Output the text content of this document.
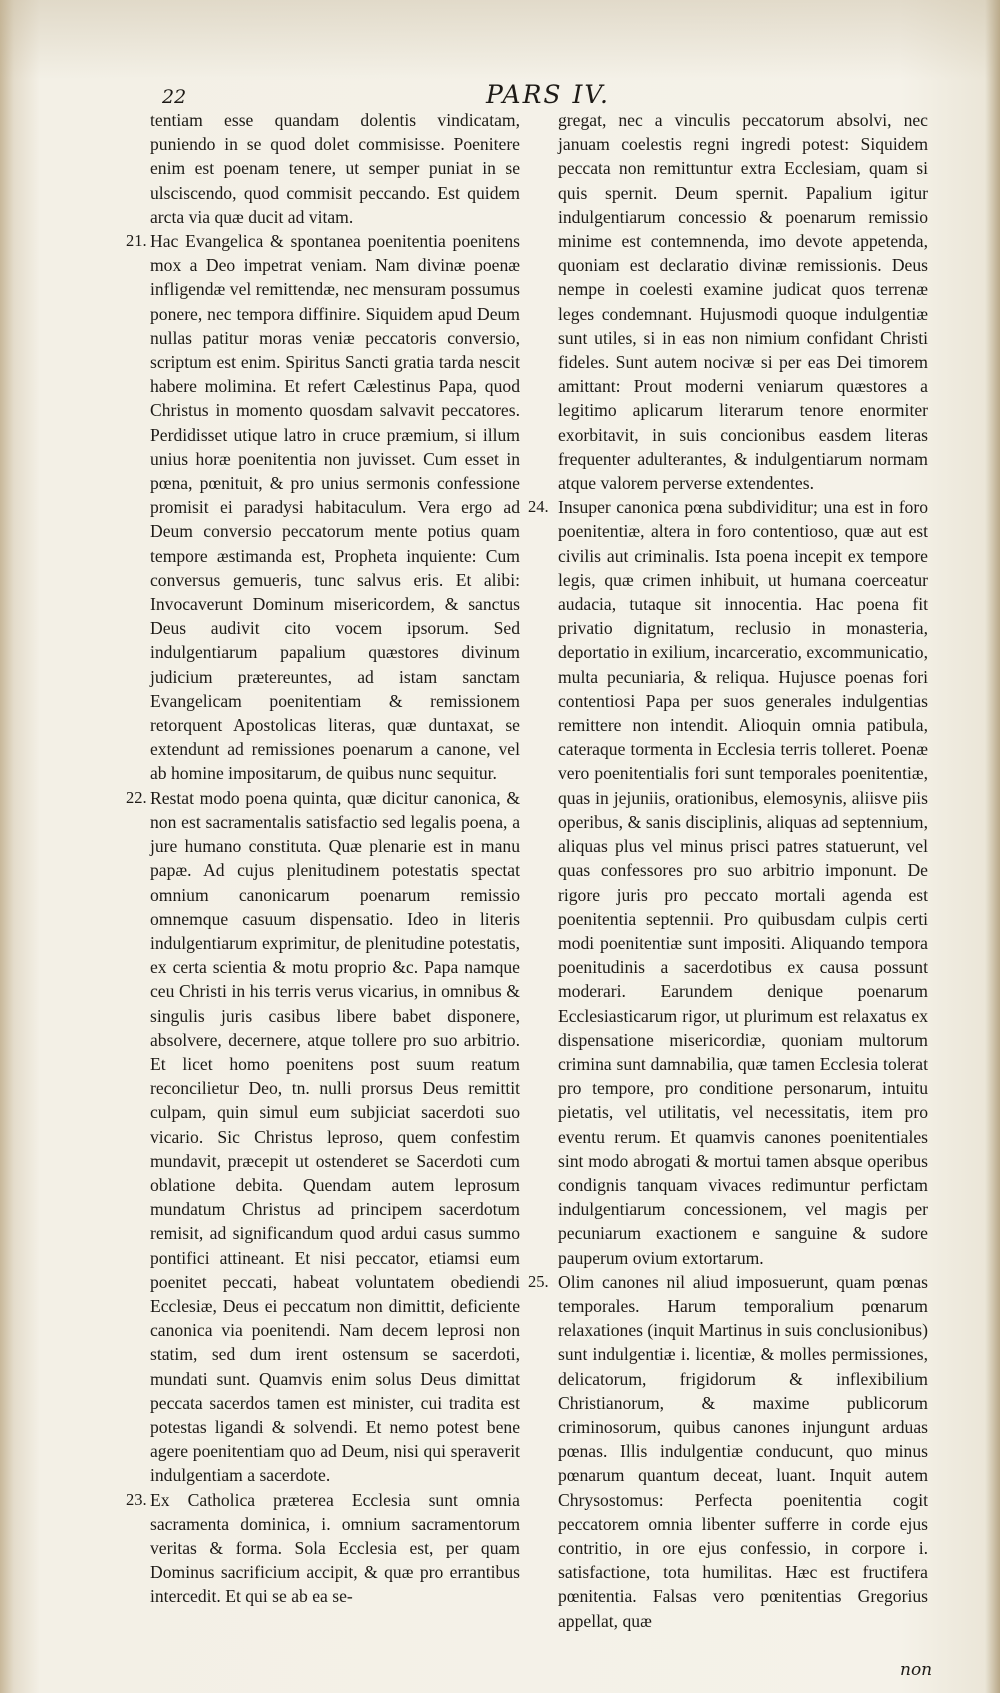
22	PARS IV.

tentiam esse quandam dolentis vindicatam, puniendo in se quod dolet commisisse. Poenitere enim est poenam tenere, ut semper puniat in se ulsciscendo, quod commisit peccando. Est quidem arcta via quæ ducit ad vitam.

21. Hac Evangelica & spontanea poenitentia poenitens mox a Deo impetrat veniam. Nam divinæ poenæ infligendæ vel remittendæ, nec mensuram possumus ponere, nec tempora diffinire. Siquidem apud Deum nullas patitur moras veniæ peccatoris conversio, scriptum est enim. Spiritus Sancti gratia tarda nescit habere molimina. Et refert Cælestinus Papa, quod Christus in momento quosdam salvavit peccatores. Perdidisset utique latro in cruce præmium, si illum unius horæ poenitentia non juvisset. Cum esset in pœna, pœnituit, & pro unius sermonis confessione promisit ei paradysi habitaculum. Vera ergo ad Deum conversio peccatorum mente potius quam tempore æstimanda est, Propheta inquiente: Cum conversus gemueris, tunc salvus eris. Et alibi: Invocaverunt Dominum misericordem, & sanctus Deus audivit cito vocem ipsorum. Sed indulgentiarum papalium quæstores divinum judicium prætereuntes, ad istam sanctam Evangelicam poenitentiam & remissionem retorquent Apostolicas literas, quæ duntaxat, se extendunt ad remissiones poenarum a canone, vel ab homine impositarum, de quibus nunc sequitur.

22. Restat modo poena quinta, quæ dicitur canonica, & non est sacramentalis satisfactio sed legalis poena, a jure humano constituta. Quæ plenarie est in manu papæ. Ad cujus plenitudinem potestatis spectat omnium canonicarum poenarum remissio omnemque casuum dispensatio. Ideo in literis indulgentiarum exprimitur, de plenitudine potestatis, ex certa scientia & motu proprio &c. Papa namque ceu Christi in his terris verus vicarius, in omnibus & singulis juris casibus libere babet disponere, absolvere, decernere, atque tollere pro suo arbitrio. Et licet homo poenitens post suum reatum reconcilietur Deo, tn. nulli prorsus Deus remittit culpam, quin simul eum subjiciat sacerdoti suo vicario. Sic Christus leproso, quem confestim mundavit, præcepit ut ostenderet se Sacerdoti cum oblatione debita. Quendam autem leprosum mundatum Christus ad principem sacerdotum remisit, ad significandum quod ardui casus summo pontifici attineant. Et nisi peccator, etiamsi eum poenitet peccati, habeat voluntatem obediendi Ecclesiæ, Deus ei peccatum non dimittit, deficiente canonica via poenitendi. Nam decem leprosi non statim, sed dum irent ostensum se sacerdoti, mundati sunt. Quamvis enim solus Deus dimittat peccata sacerdos tamen est minister, cui tradita est potestas ligandi & solvendi. Et nemo potest bene agere poenitentiam quo ad Deum, nisi qui speraverit indulgentiam a sacerdote.

23. Ex Catholica præterea Ecclesia sunt omnia sacramenta dominica, i. omnium sacramentorum veritas & forma. Sola Ecclesia est, per quam Dominus sacrificium accipit, & quæ pro errantibus intercedit. Et qui se ab ea se-

gregat, nec a vinculis peccatorum absolvi, nec januam coelestis regni ingredi potest: Siquidem peccata non remittuntur extra Ecclesiam, quam si quis spernit. Deum spernit. Papalium igitur indulgentiarum concessio & poenarum remissio minime est contemnenda, imo devote appetenda, quoniam est declaratio divinæ remissionis. Deus nempe in coelesti examine judicat quos terrenæ leges condemnant. Hujusmodi quoque indulgentiæ sunt utiles, si in eas non nimium confidant Christi fideles. Sunt autem nocivæ si per eas Dei timorem amittant: Prout moderni veniarum quæstores a legitimo aplicarum literarum tenore enormiter exorbitavit, in suis concionibus easdem literas frequenter adulterantes, & indulgentiarum normam atque valorem perverse extendentes.

24. Insuper canonica pœna subdividitur; una est in foro poenitentiæ, altera in foro contentioso, quæ aut est civilis aut criminalis. Ista poena incepit ex tempore legis, quæ crimen inhibuit, ut humana coerceatur audacia, tutaque sit innocentia. Hac poena fit privatio dignitatum, reclusio in monasteria, deportatio in exilium, incarceratio, excommunicatio, multa pecuniaria, & reliqua. Hujusce poenas fori contentiosi Papa per suos generales indulgentias remittere non intendit. Alioquin omnia patibula, cateraque tormenta in Ecclesia terris tolleret. Poenæ vero poenitentialis fori sunt temporales poenitentiæ, quas in jejuniis, orationibus, elemosynis, aliisve piis operibus, & sanis disciplinis, aliquas ad septennium, aliquas plus vel minus prisci patres statuerunt, vel quas confessores pro suo arbitrio imponunt. De rigore juris pro peccato mortali agenda est poenitentia septennii. Pro quibusdam culpis certi modi poenitentiæ sunt impositi. Aliquando tempora poenitudinis a sacerdotibus ex causa possunt moderari. Earundem denique poenarum Ecclesiasticarum rigor, ut plurimum est relaxatus ex dispensatione misericordiæ, quoniam multorum crimina sunt damnabilia, quæ tamen Ecclesia tolerat pro tempore, pro conditione personarum, intuitu pietatis, vel utilitatis, vel necessitatis, item pro eventu rerum. Et quamvis canones poenitentiales sint modo abrogati & mortui tamen absque operibus condignis tanquam vivaces redimuntur perfictam indulgentiarum concessionem, vel magis per pecuniarum exactionem e sanguine & sudore pauperum ovium extortarum.

25. Olim canones nil aliud imposuerunt, quam pœnas temporales. Harum temporalium pœnarum relaxationes (inquit Martinus in suis conclusionibus) sunt indulgentiæ i. licentiæ, & molles permissiones, delicatorum, frigidorum & inflexibilium Christianorum, & maxime publicorum criminosorum, quibus canones injungunt arduas pœnas. Illis indulgentiæ conducunt, quo minus pœnarum quantum deceat, luant. Inquit autem Chrysostomus: Perfecta poenitentia cogit peccatorem omnia libenter sufferre in corde ejus contritio, in ore ejus confessio, in corpore i. satisfactione, tota humilitas. Hæc est fructifera pœnitentia. Falsas vero pœnitentias Gregorius appellat, quæ

non
